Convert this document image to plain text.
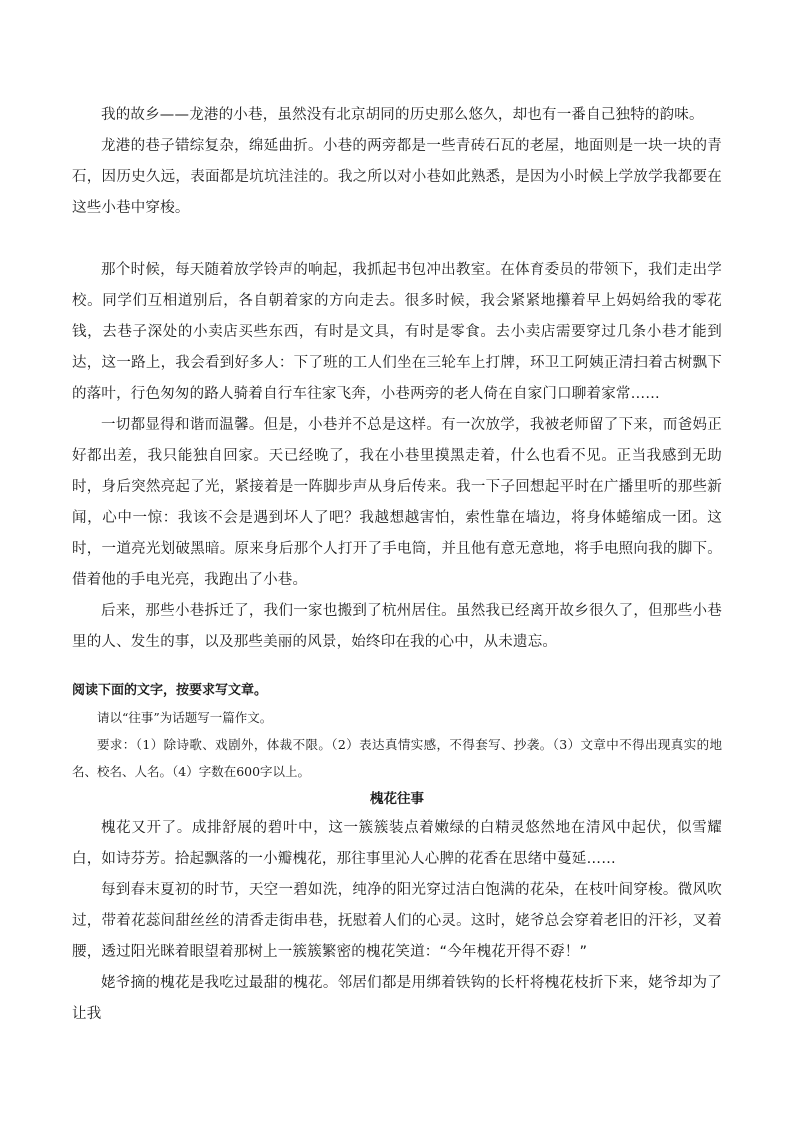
我的故乡——龙港的小巷，虽然没有北京胡同的历史那么悠久，却也有一番自己独特的韵味。

龙港的巷子错综复杂，绵延曲折。小巷的两旁都是一些青砖石瓦的老屋，地面则是一块一块的青石，因历史久远，表面都是坑坑洼洼的。我之所以对小巷如此熟悉，是因为小时候上学放学我都要在这些小巷中穿梭。

那个时候，每天随着放学铃声的响起，我抓起书包冲出教室。在体育委员的带领下，我们走出学校。同学们互相道别后，各自朝着家的方向走去。很多时候，我会紧紧地攥着早上妈妈给我的零花钱，去巷子深处的小卖店买些东西，有时是文具，有时是零食。去小卖店需要穿过几条小巷才能到达，这一路上，我会看到好多人：下了班的工人们坐在三轮车上打牌，环卫工阿姨正清扫着古树飘下的落叶，行色匆匆的路人骑着自行车往家飞奔，小巷两旁的老人倚在自家门口聊着家常……

一切都显得和谐而温馨。但是，小巷并不总是这样。有一次放学，我被老师留了下来，而爸妈正好都出差，我只能独自回家。天已经晚了，我在小巷里摸黑走着，什么也看不见。正当我感到无助时，身后突然亮起了光，紧接着是一阵脚步声从身后传来。我一下子回想起平时在广播里听的那些新闻，心中一惊：我该不会是遇到坏人了吧？我越想越害怕，索性靠在墙边，将身体蜷缩成一团。这时，一道亮光划破黑暗。原来身后那个人打开了手电筒，并且他有意无意地，将手电照向我的脚下。借着他的手电光亮，我跑出了小巷。

后来，那些小巷拆迁了，我们一家也搬到了杭州居住。虽然我已经离开故乡很久了，但那些小巷里的人、发生的事，以及那些美丽的风景，始终印在我的心中，从未遗忘。

阅读下面的文字，按要求写文章。

请以“往事”为话题写一篇作文。

要求：（1）除诗歌、戏剧外，体裁不限。（2）表达真情实感，不得套写、抄袭。（3）文章中不得出现真实的地名、校名、人名。（4）字数在600字以上。

槐花往事

槐花又开了。成排舒展的碧叶中，这一簇簇装点着嫩绿的白精灵悠然地在清风中起伏，似雪耀白，如诗芬芳。拾起飘落的一小瓣槐花，那往事里沁人心脾的花香在思绪中蔓延……

每到春末夏初的时节，天空一碧如洗，纯净的阳光穿过洁白饱满的花朵，在枝叶间穿梭。微风吹过，带着花蕊间甜丝丝的清香走街串巷，抚慰着人们的心灵。这时，姥爷总会穿着老旧的汗衫，叉着腰，透过阳光眯着眼望着那树上一簇簇繁密的槐花笑道：“今年槐花开得不孬！”

姥爷摘的槐花是我吃过最甜的槐花。邻居们都是用绑着铁钩的长杆将槐花枝折下来，姥爷却为了让我
